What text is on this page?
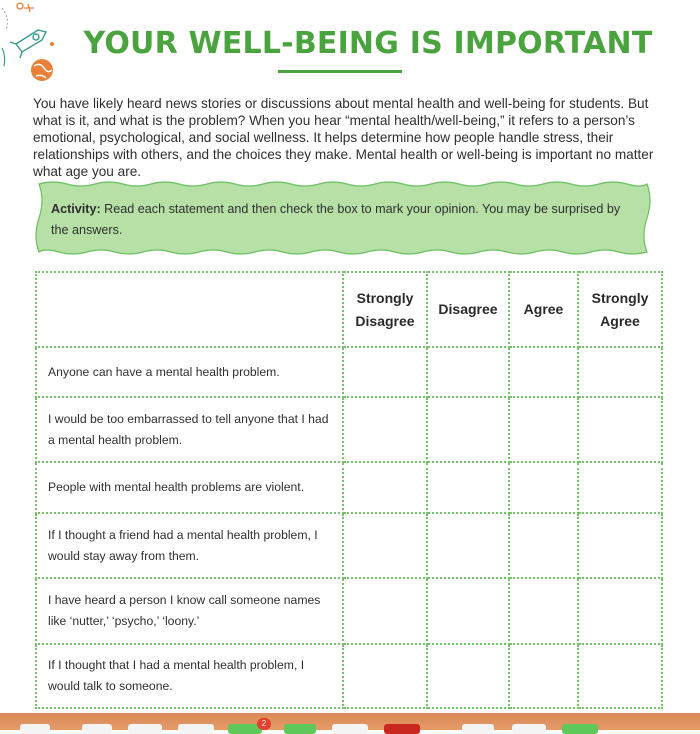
YOUR WELL-BEING IS IMPORTANT

You have likely heard news stories or discussions about mental health and well-being for students. But what is it, and what is the problem? When you hear “mental health/well-being,” it refers to a person’s emotional, psychological, and social wellness. It helps determine how people handle stress, their relationships with others, and the choices they make. Mental health or well-being is important no matter what age you are.

Activity: Read each statement and then check the box to mark your opinion. You may be surprised by the answers.

	Strongly Disagree	Disagree	Agree	Strongly Agree
Anyone can have a mental health problem.				
I would be too embarrassed to tell anyone that I had a mental health problem.				
People with mental health problems are violent.				
If I thought a friend had a mental health problem, I would stay away from them.				
I have heard a person I know call someone names like ‘nutter,’ ‘psycho,’ ‘loony.’				
If I thought that I had a mental health problem, I would talk to someone.				
2
